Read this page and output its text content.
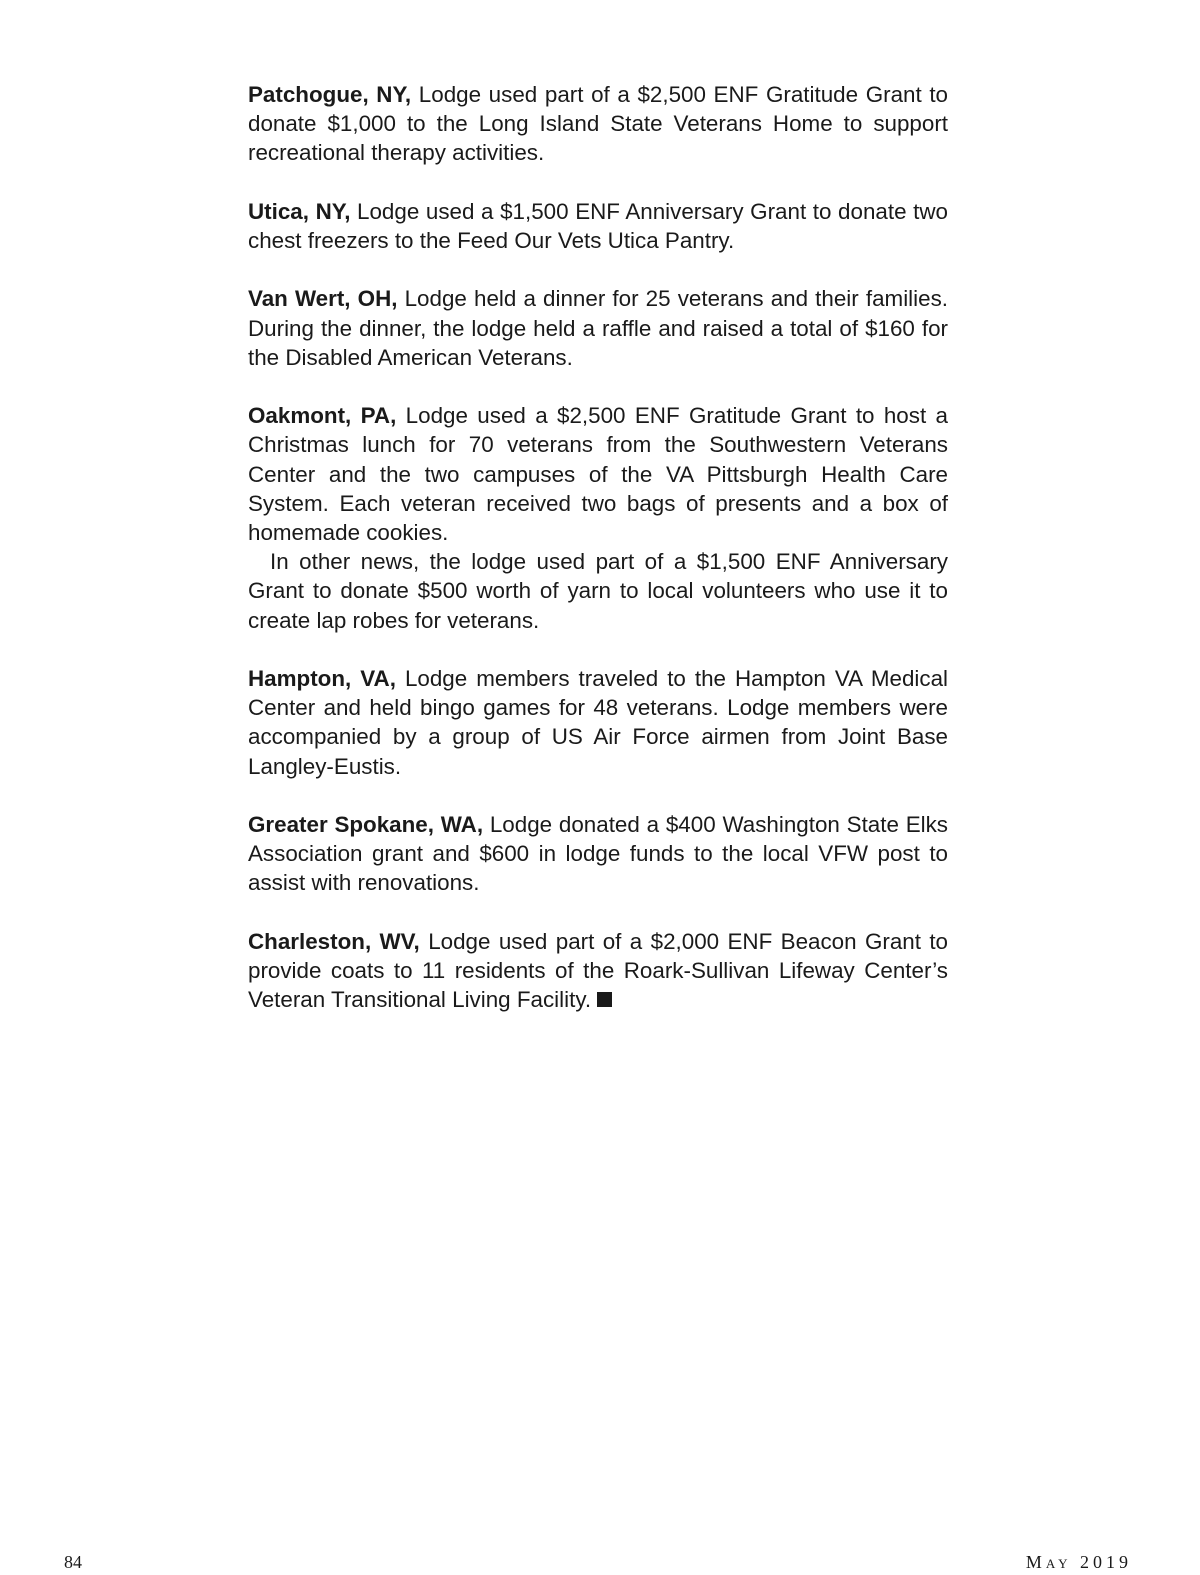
Patchogue, NY, Lodge used part of a $2,500 ENF Gratitude Grant to donate $1,000 to the Long Island State Veterans Home to support recreational therapy activities.

Utica, NY, Lodge used a $1,500 ENF Anniversary Grant to donate two chest freezers to the Feed Our Vets Utica Pantry.

Van Wert, OH, Lodge held a dinner for 25 veterans and their families. During the dinner, the lodge held a raffle and raised a total of $160 for the Disabled American Veterans.

Oakmont, PA, Lodge used a $2,500 ENF Gratitude Grant to host a Christmas lunch for 70 veterans from the Southwestern Veterans Center and the two campuses of the VA Pittsburgh Health Care System. Each veteran received two bags of presents and a box of homemade cookies.

In other news, the lodge used part of a $1,500 ENF Anniversary Grant to donate $500 worth of yarn to local volunteers who use it to create lap robes for veterans.

Hampton, VA, Lodge members traveled to the Hampton VA Medical Center and held bingo games for 48 veterans. Lodge members were accompanied by a group of US Air Force airmen from Joint Base Langley-Eustis.

Greater Spokane, WA, Lodge donated a $400 Washington State Elks Association grant and $600 in lodge funds to the local VFW post to assist with renovations.

Charleston, WV, Lodge used part of a $2,000 ENF Beacon Grant to provide coats to 11 residents of the Roark-Sullivan Lifeway Center’s Veteran Transitional Living Facility.

84	May 2019
